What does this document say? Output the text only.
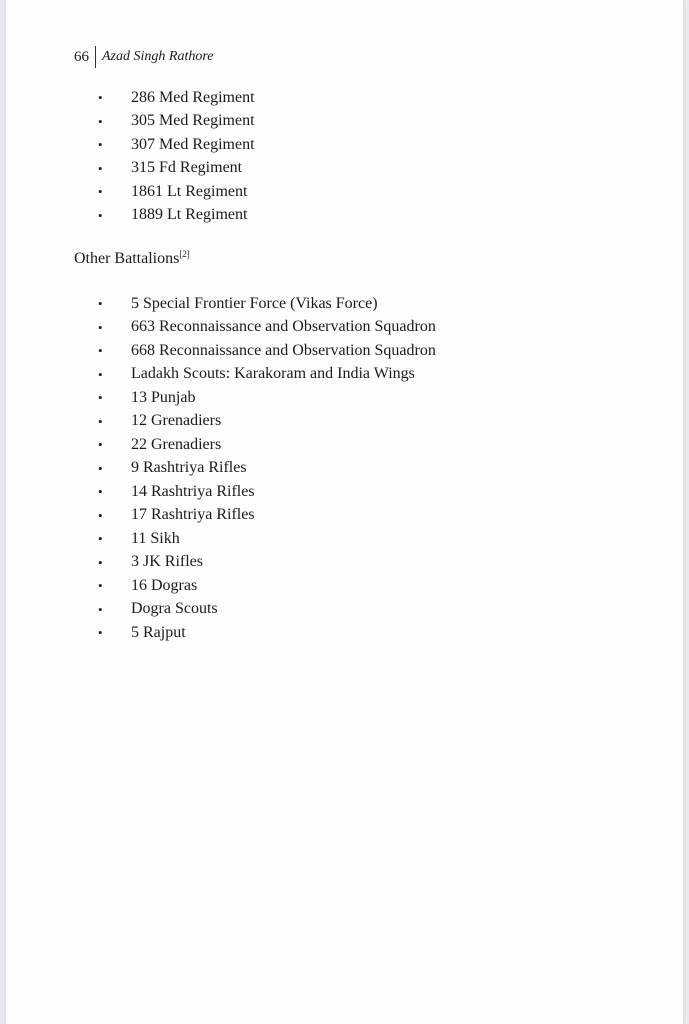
66 Azad Singh Rathore
•	286 Med Regiment
•	305 Med Regiment
•	307 Med Regiment
•	315 Fd Regiment
•	1861 Lt Regiment
•	1889 Lt Regiment
Other Battalions[2]
•	5 Special Frontier Force (Vikas Force)
•	663 Reconnaissance and Observation Squadron
•	668 Reconnaissance and Observation Squadron
•	Ladakh Scouts: Karakoram and India Wings
•	13 Punjab
•	12 Grenadiers
•	22 Grenadiers
•	9 Rashtriya Rifles
•	14 Rashtriya Rifles
•	17 Rashtriya Rifles
•	11 Sikh
•	3 JK Rifles
•	16 Dogras
•	Dogra Scouts
•	5 Rajput
